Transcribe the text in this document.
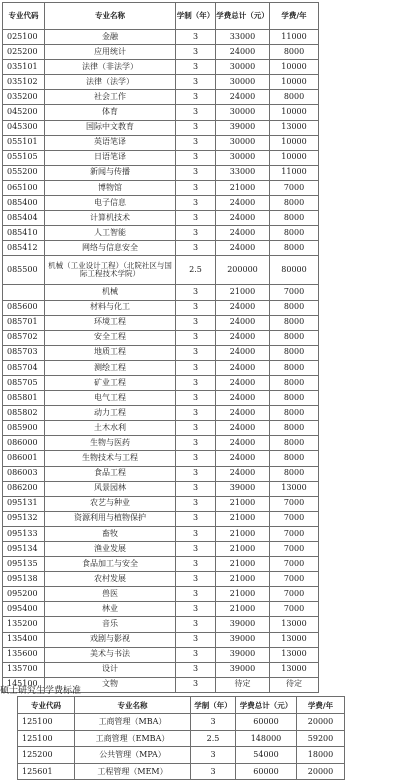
专业代码	专业名称	学制（年）	学费总计（元）	学费/年
025100	金融	3	33000	11000
025200	应用统计	3	24000	8000
035101	法律（非法学）	3	30000	10000
035102	法律（法学）	3	30000	10000
035200	社会工作	3	24000	8000
045200	体育	3	30000	10000
045300	国际中文教育	3	39000	13000
055101	英语笔译	3	30000	10000
055105	日语笔译	3	30000	10000
055200	新闻与传播	3	33000	11000
065100	博物馆	3	21000	7000
085400	电子信息	3	24000	8000
085404	计算机技术	3	24000	8000
085410	人工智能	3	24000	8000
085412	网络与信息安全	3	24000	8000
085500	机械（工业设计工程）（北院社区与国际工程技术学院）	2.5	200000	80000
	机械	3	21000	7000
085600	材料与化工	3	24000	8000
085701	环境工程	3	24000	8000
085702	安全工程	3	24000	8000
085703	地质工程	3	24000	8000
085704	测绘工程	3	24000	8000
085705	矿业工程	3	24000	8000
085801	电气工程	3	24000	8000
085802	动力工程	3	24000	8000
085900	土木水利	3	24000	8000
086000	生物与医药	3	24000	8000
086001	生物技术与工程	3	24000	8000
086003	食品工程	3	24000	8000
086200	风景园林	3	39000	13000
095131	农艺与种业	3	21000	7000
095132	资源利用与植物保护	3	21000	7000
095133	畜牧	3	21000	7000
095134	渔业发展	3	21000	7000
095135	食品加工与安全	3	21000	7000
095138	农村发展	3	21000	7000
095200	兽医	3	21000	7000
095400	林业	3	21000	7000
135200	音乐	3	39000	13000
135400	戏剧与影视	3	39000	13000
135600	美术与书法	3	39000	13000
135700	设计	3	39000	13000
145100	文物	3	待定	待定
硕士研究生学费标准
专业代码	专业名称	学制（年）	学费总计（元）	学费/年
125100	工商管理（MBA）	3	60000	20000
125100	工商管理（EMBA）	2.5	148000	59200
125200	公共管理（MPA）	3	54000	18000
125601	工程管理（MEM）	3	60000	20000
